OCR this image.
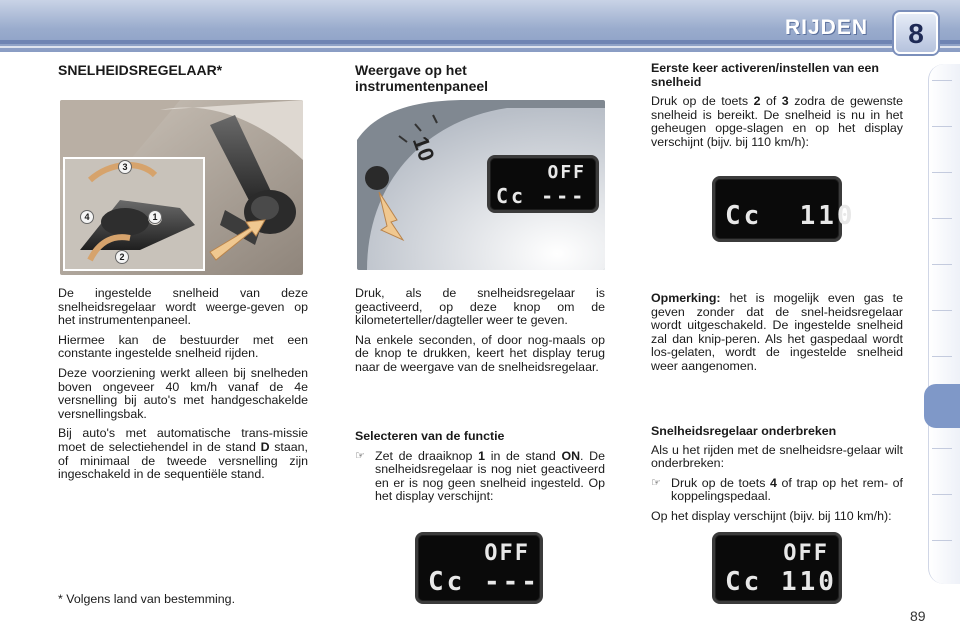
RIJDEN	8
SNELHEIDSREGELAAR*
3
1
4
2

De ingestelde snelheid van deze snelheidsregelaar wordt weerge-geven op het instrumentenpaneel.

Hiermee kan de bestuurder met een constante ingestelde snelheid rijden.

Deze voorziening werkt alleen bij snelheden boven ongeveer 40 km/h vanaf de 4e versnelling bij auto's met handgeschakelde versnellingsbak.

Bij auto's met automatische trans-missie moet de selectiehendel in de stand D staan, of minimaal de tweede versnelling zijn ingeschakeld in de sequentiële stand.

Weergave op het instrumentenpaneel
10
OFF
Cc ---

Druk, als de snelheidsregelaar is geactiveerd, op deze knop om de kilometerteller/dagteller weer te geven.

Na enkele seconden, of door nog-maals op de knop te drukken, keert het display terug naar de weergave van de snelheidsregelaar.

Selecteren van de functie

☞ Zet de draaiknop 1 in de stand ON. De snelheidsregelaar is nog niet geactiveerd en er is nog geen snelheid ingesteld. Op het display verschijnt:
OFF
Cc ---

Eerste keer activeren/instellen van een snelheid

Druk op de toets 2 of 3 zodra de gewenste snelheid is bereikt. De snelheid is nu in het geheugen opge-slagen en op het display verschijnt (bijv. bij 110 km/h):

Cc  110

Opmerking: het is mogelijk even gas te geven zonder dat de snel-heidsregelaar wordt uitgeschakeld. De ingestelde snelheid zal dan knip-peren. Als het gaspedaal wordt los-gelaten, wordt de ingestelde snelheid weer aangenomen.

Snelheidsregelaar onderbreken

Als u het rijden met de snelheidsre-gelaar wilt onderbreken:

☞ Druk op de toets 4 of trap op het rem- of koppelingspedaal.

Op het display verschijnt (bijv. bij 110 km/h):

OFF
Cc 110
* Volgens land van bestemming.
89
